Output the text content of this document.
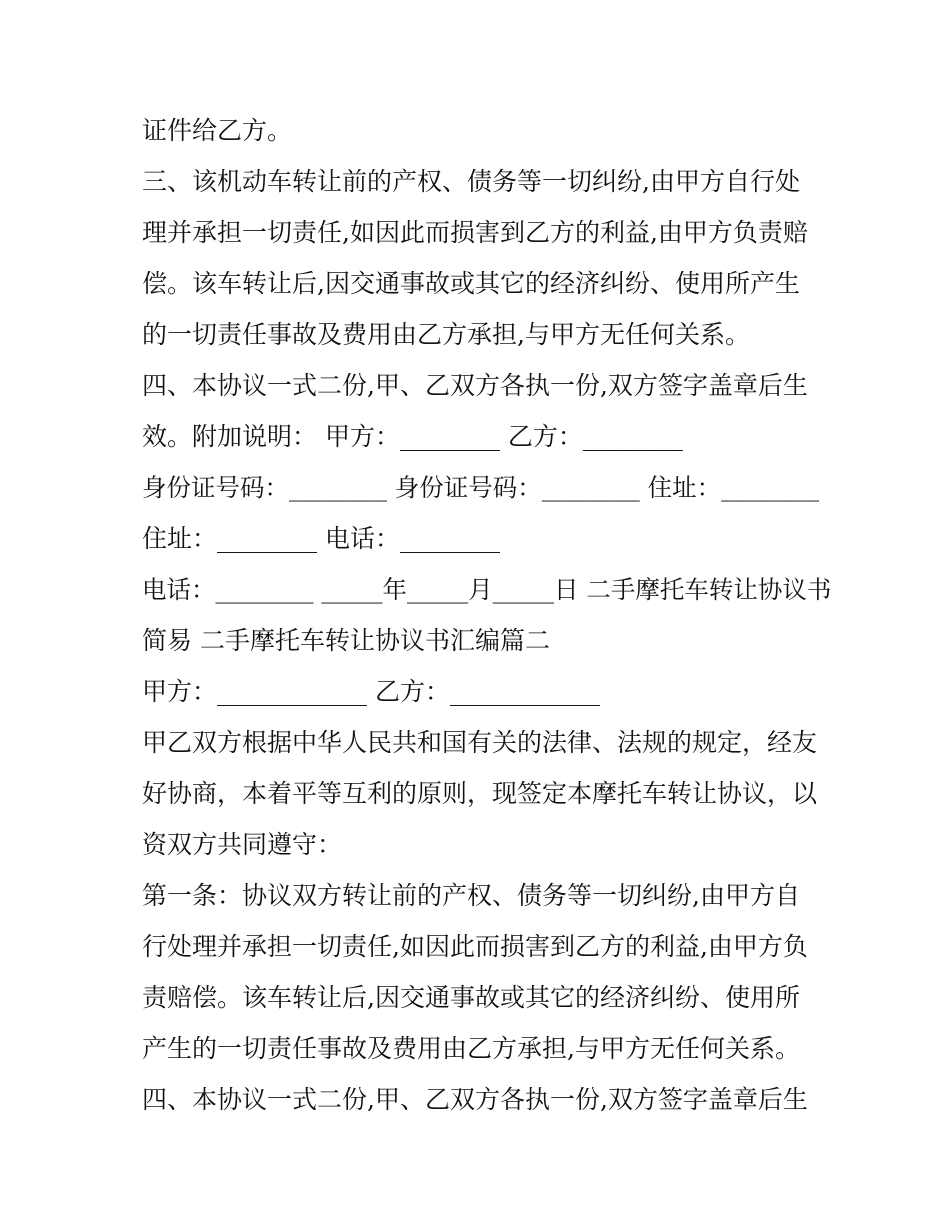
证件给乙方。
三、该机动车转让前的产权、债务等一切纠纷,由甲方自行处
理并承担一切责任,如因此而损害到乙方的利益,由甲方负责赔
偿。该车转让后,因交通事故或其它的经济纠纷、使用所产生
的一切责任事故及费用由乙方承担,与甲方无任何关系。
四、本协议一式二份,甲、乙双方各执一份,双方签字盖章后生
效。附加说明： 甲方：________ 乙方：________
身份证号码：________ 身份证号码：________ 住址：________
住址：________ 电话：________
电话：________ _____年_____月_____日 二手摩托车转让协议书
简易 二手摩托车转让协议书汇编篇二
甲方：____________ 乙方：____________
甲乙双方根据中华人民共和国有关的法律、法规的规定，经友
好协商，本着平等互利的原则，现签定本摩托车转让协议，以
资双方共同遵守：
第一条：协议双方转让前的产权、债务等一切纠纷,由甲方自
行处理并承担一切责任,如因此而损害到乙方的利益,由甲方负
责赔偿。该车转让后,因交通事故或其它的经济纠纷、使用所
产生的一切责任事故及费用由乙方承担,与甲方无任何关系。
四、本协议一式二份,甲、乙双方各执一份,双方签字盖章后生
